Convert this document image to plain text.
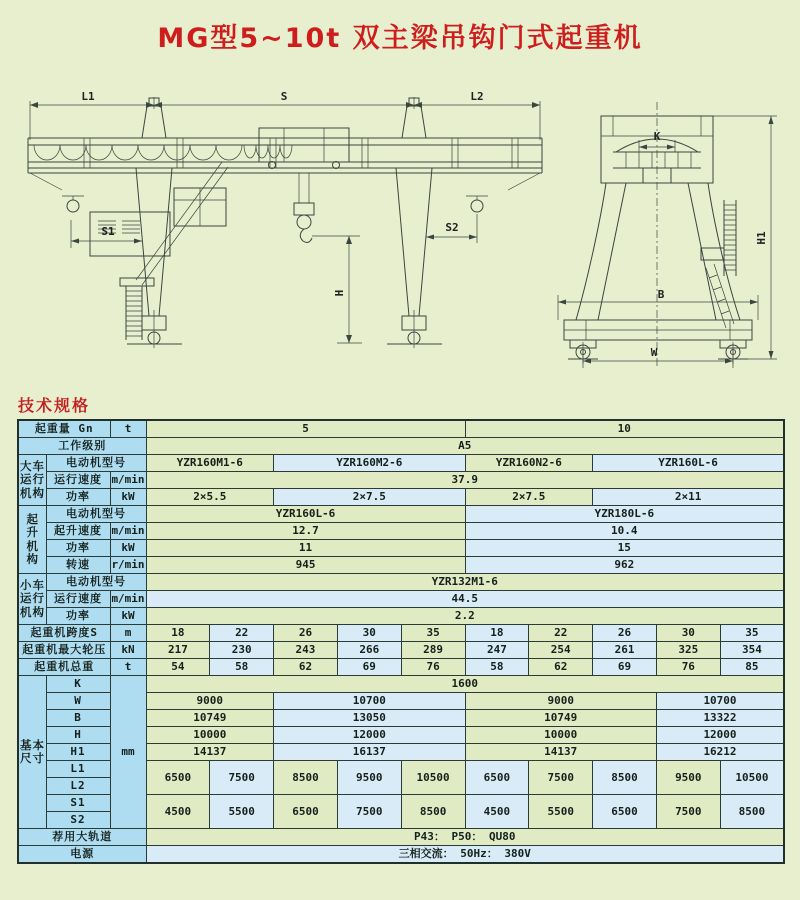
MG型5~10t 双主梁吊钩门式起重机
L1	S	L2
S1	S2
H
K
B
W
H1
技术规格
起重量 Gn		t	5					10				
工作级别			A5									
大车运行机构	电动机型号		YZR160M1-6		YZR160M2-6			YZR160N2-6		YZR160L-6		
	运行速度	m/min	37.9									
	功率	kW	2×5.5		2×7.5			2×7.5		2×11		
起升机构	电动机型号		YZR160L-6					YZR180L-6				
	起升速度	m/min	12.7					10.4				
	功率	kW	11					15				
	转速	r/min	945					962				
小车运行机构	电动机型号		YZR132M1-6									
	运行速度	m/min	44.5									
	功率	kW	2.2									
起重机跨度S		m	18	22	26	30	35	18	22	26	30	35
起重机最大轮压		kN	217	230	243	266	289	247	254	261	325	354
起重机总重		t	54	58	62	69	76	58	62	69	76	85
基本尺寸	K	mm	1600									
	W		9000		10700			9000			10700	
	B		10749		13050			10749			13322	
	H		10000		12000			10000			12000	
	H1		14137		16137			14137			16212	
	L1		6500	7500	8500	9500	10500	6500	7500	8500	9500	10500
	L2											
	S1		4500	5500	6500	7500	8500	4500	5500	6500	7500	8500
	S2											
荐用大轨道			P43： P50： QU80									
电源			三相交流： 50Hz： 380V									
